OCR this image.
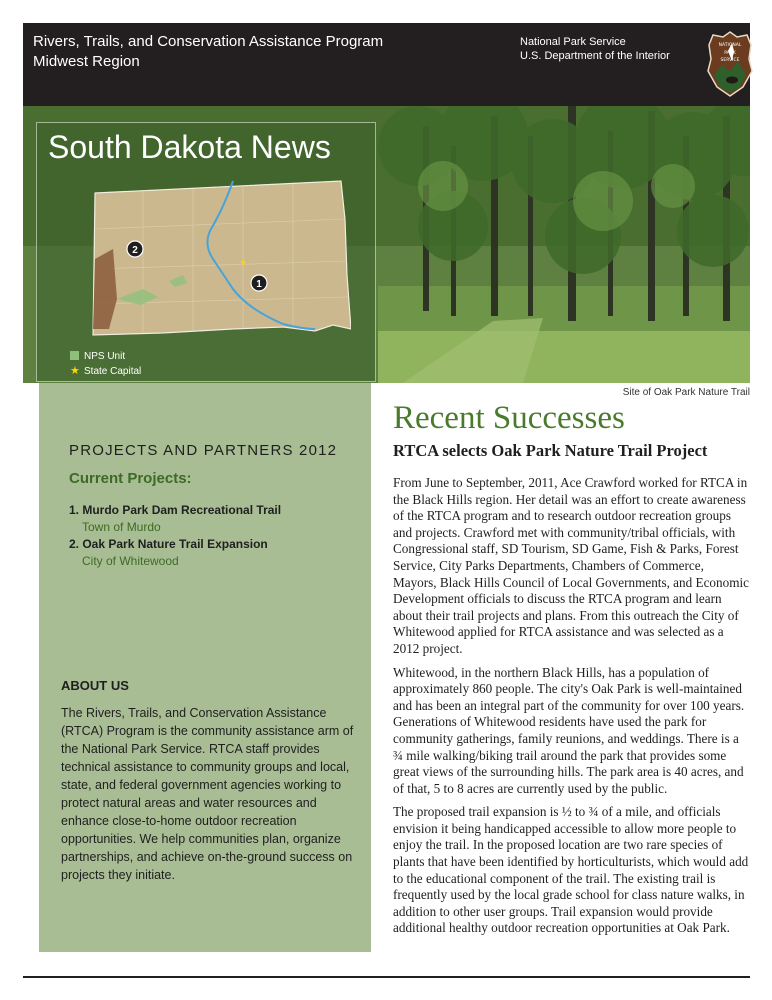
Rivers, Trails, and Conservation Assistance Program
Midwest Region
National Park Service
U.S. Department of the Interior
NATIONAL
PARK
SERVICE
South Dakota News
2
1
★
NPS Unit
★ State Capital
Site of Oak Park Nature Trail
PROJECTS AND PARTNERS 2012
Current Projects:
1. Murdo Park Dam Recreational Trail
Town of Murdo
2. Oak Park Nature Trail Expansion
City of Whitewood
ABOUT US
The Rivers, Trails, and Conservation Assistance (RTCA) Program is the community assistance arm of the National Park Service. RTCA staff provides technical assistance to community groups and local, state, and federal government agencies working to protect natural areas and water resources and enhance close-to-home outdoor recreation opportunities. We help communities plan, organize partnerships, and achieve on-the-ground success on projects they initiate.
Recent Successes
RTCA selects Oak Park Nature Trail Project

From June to September, 2011, Ace Crawford worked for RTCA in the Black Hills region. Her detail was an effort to create awareness of the RTCA program and to research outdoor recreation groups and projects. Crawford met with community/tribal officials, with Congressional staff, SD Tourism, SD Game, Fish & Parks, Forest Service, City Parks Departments, Chambers of Commerce, Mayors, Black Hills Council of Local Governments, and Economic Development officials to discuss the RTCA program and learn about their trail projects and plans. From this outreach the City of Whitewood applied for RTCA assistance and was selected as a 2012 project.

Whitewood, in the northern Black Hills, has a population of approximately 860 people. The city's Oak Park is well-maintained and has been an integral part of the community for over 100 years. Generations of Whitewood residents have used the park for community gatherings, family reunions, and weddings. There is a ¾ mile walking/biking trail around the park that provides some great views of the surrounding hills. The park area is 40 acres, and of that, 5 to 8 acres are currently used by the public.

The proposed trail expansion is ½ to ¾ of a mile, and officials envision it being handicapped accessible to allow more people to enjoy the trail. In the proposed location are two rare species of plants that have been identified by horticulturists, which would add to the educational component of the trail. The existing trail is frequently used by the local grade school for class nature walks, in addition to other user groups. Trail expansion would provide additional healthy outdoor recreation opportunities at Oak Park.
